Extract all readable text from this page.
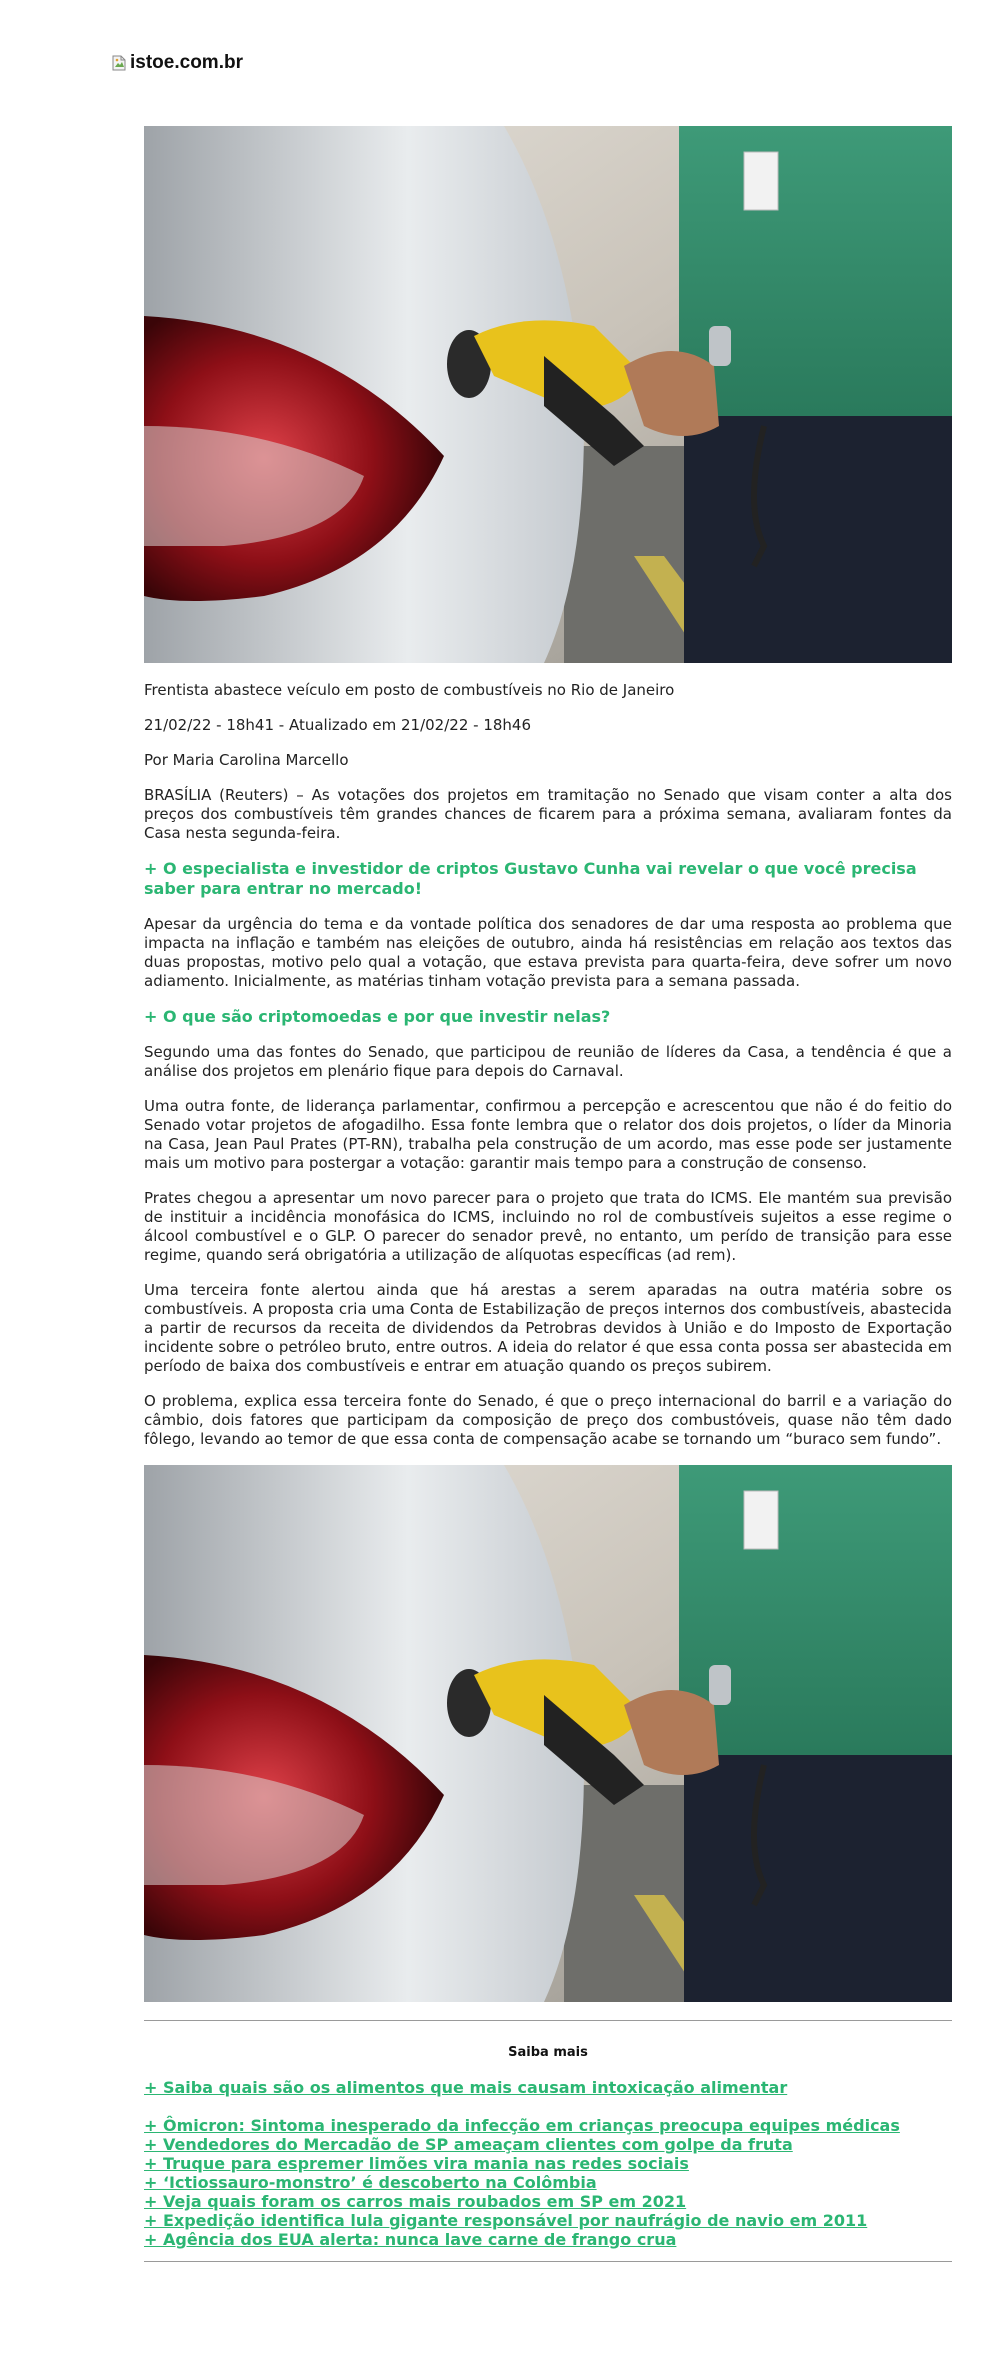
istoe.com.br

Frentista abastece veículo em posto de combustíveis no Rio de Janeiro

21/02/22 - 18h41 - Atualizado em 21/02/22 - 18h46

Por Maria Carolina Marcello

BRASÍLIA (Reuters) – As votações dos projetos em tramitação no Senado que visam conter a alta dos preços dos combustíveis têm grandes chances de ficarem para a próxima semana, avaliaram fontes da Casa nesta segunda-feira.

+ O especialista e investidor de criptos Gustavo Cunha vai revelar o que você precisa saber para entrar no mercado!

Apesar da urgência do tema e da vontade política dos senadores de dar uma resposta ao problema que impacta na inflação e também nas eleições de outubro, ainda há resistências em relação aos textos das duas propostas, motivo pelo qual a votação, que estava prevista para quarta-feira, deve sofrer um novo adiamento. Inicialmente, as matérias tinham votação prevista para a semana passada.

+ O que são criptomoedas e por que investir nelas?

Segundo uma das fontes do Senado, que participou de reunião de líderes da Casa, a tendência é que a análise dos projetos em plenário fique para depois do Carnaval.

Uma outra fonte, de liderança parlamentar, confirmou a percepção e acrescentou que não é do feitio do Senado votar projetos de afogadilho. Essa fonte lembra que o relator dos dois projetos, o líder da Minoria na Casa, Jean Paul Prates (PT-RN), trabalha pela construção de um acordo, mas esse pode ser justamente mais um motivo para postergar a votação: garantir mais tempo para a construção de consenso.

Prates chegou a apresentar um novo parecer para o projeto que trata do ICMS. Ele mantém sua previsão de instituir a incidência monofásica do ICMS, incluindo no rol de combustíveis sujeitos a esse regime o álcool combustível e o GLP. O parecer do senador prevê, no entanto, um perído de transição para esse regime, quando será obrigatória a utilização de alíquotas específicas (ad rem).

Uma terceira fonte alertou ainda que há arestas a serem aparadas na outra matéria sobre os combustíveis. A proposta cria uma Conta de Estabilização de preços internos dos combustíveis, abastecida a partir de recursos da receita de dividendos da Petrobras devidos à União e do Imposto de Exportação incidente sobre o petróleo bruto, entre outros. A ideia do relator é que essa conta possa ser abastecida em período de baixa dos combustíveis e entrar em atuação quando os preços subirem.

O problema, explica essa terceira fonte do Senado, é que o preço internacional do barril e a variação do câmbio, dois fatores que participam da composição de preço dos combustóveis, quase não têm dado fôlego, levando ao temor de que essa conta de compensação acabe se tornando um “buraco sem fundo”.

Saiba mais
+ Saiba quais são os alimentos que mais causam intoxicação alimentar
+ Ômicron: Sintoma inesperado da infecção em crianças preocupa equipes médicas
+ Vendedores do Mercadão de SP ameaçam clientes com golpe da fruta
+ Truque para espremer limões vira mania nas redes sociais
+ ‘Ictiossauro-monstro’ é descoberto na Colômbia
+ Veja quais foram os carros mais roubados em SP em 2021
+ Expedição identifica lula gigante responsável por naufrágio de navio em 2011
+ Agência dos EUA alerta: nunca lave carne de frango crua
